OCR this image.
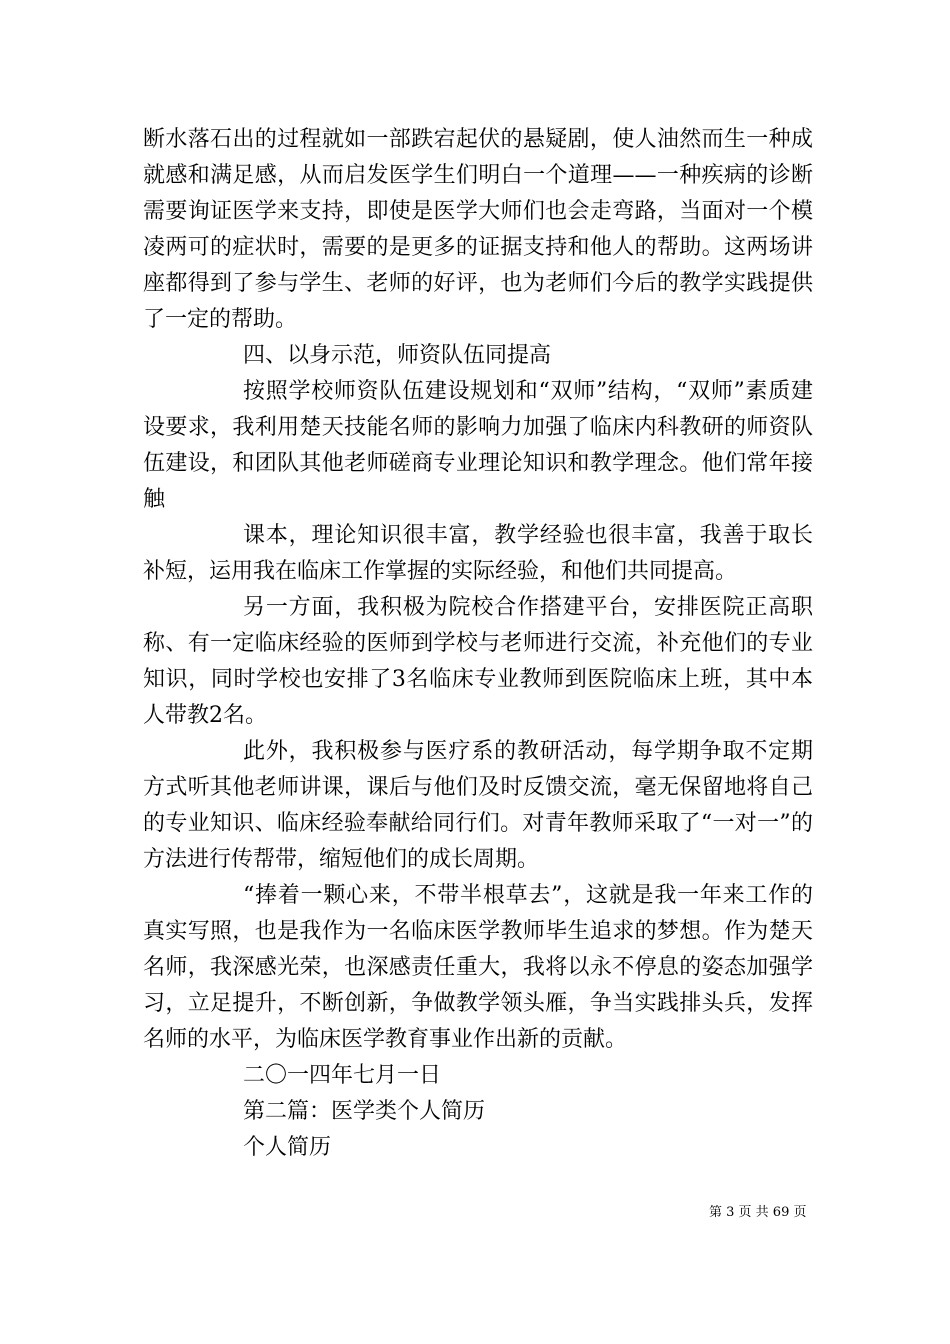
断水落石出的过程就如一部跌宕起伏的悬疑剧，使人油然而生一种成就感和满足感，从而启发医学生们明白一个道理——一种疾病的诊断需要询证医学来支持，即使是医学大师们也会走弯路，当面对一个模凌两可的症状时，需要的是更多的证据支持和他人的帮助。这两场讲座都得到了参与学生、老师的好评，也为老师们今后的教学实践提供了一定的帮助。

四、以身示范，师资队伍同提高

按照学校师资队伍建设规划和“双师”结构，“双师”素质建设要求，我利用楚天技能名师的影响力加强了临床内科教研的师资队伍建设，和团队其他老师磋商专业理论知识和教学理念。他们常年接触

课本，理论知识很丰富，教学经验也很丰富，我善于取长补短，运用我在临床工作掌握的实际经验，和他们共同提高。

另一方面，我积极为院校合作搭建平台，安排医院正高职称、有一定临床经验的医师到学校与老师进行交流，补充他们的专业知识，同时学校也安排了3名临床专业教师到医院临床上班，其中本人带教2名。

此外，我积极参与医疗系的教研活动，每学期争取不定期方式听其他老师讲课，课后与他们及时反馈交流，毫无保留地将自己的专业知识、临床经验奉献给同行们。对青年教师采取了“一对一”的方法进行传帮带，缩短他们的成长周期。

“捧着一颗心来，不带半根草去”，这就是我一年来工作的真实写照，也是我作为一名临床医学教师毕生追求的梦想。作为楚天名师，我深感光荣，也深感责任重大，我将以永不停息的姿态加强学习，立足提升，不断创新，争做教学领头雁，争当实践排头兵，发挥名师的水平，为临床医学教育事业作出新的贡献。

二〇一四年七月一日

第二篇：医学类个人简历

个人简历

第 3 页 共 69 页
